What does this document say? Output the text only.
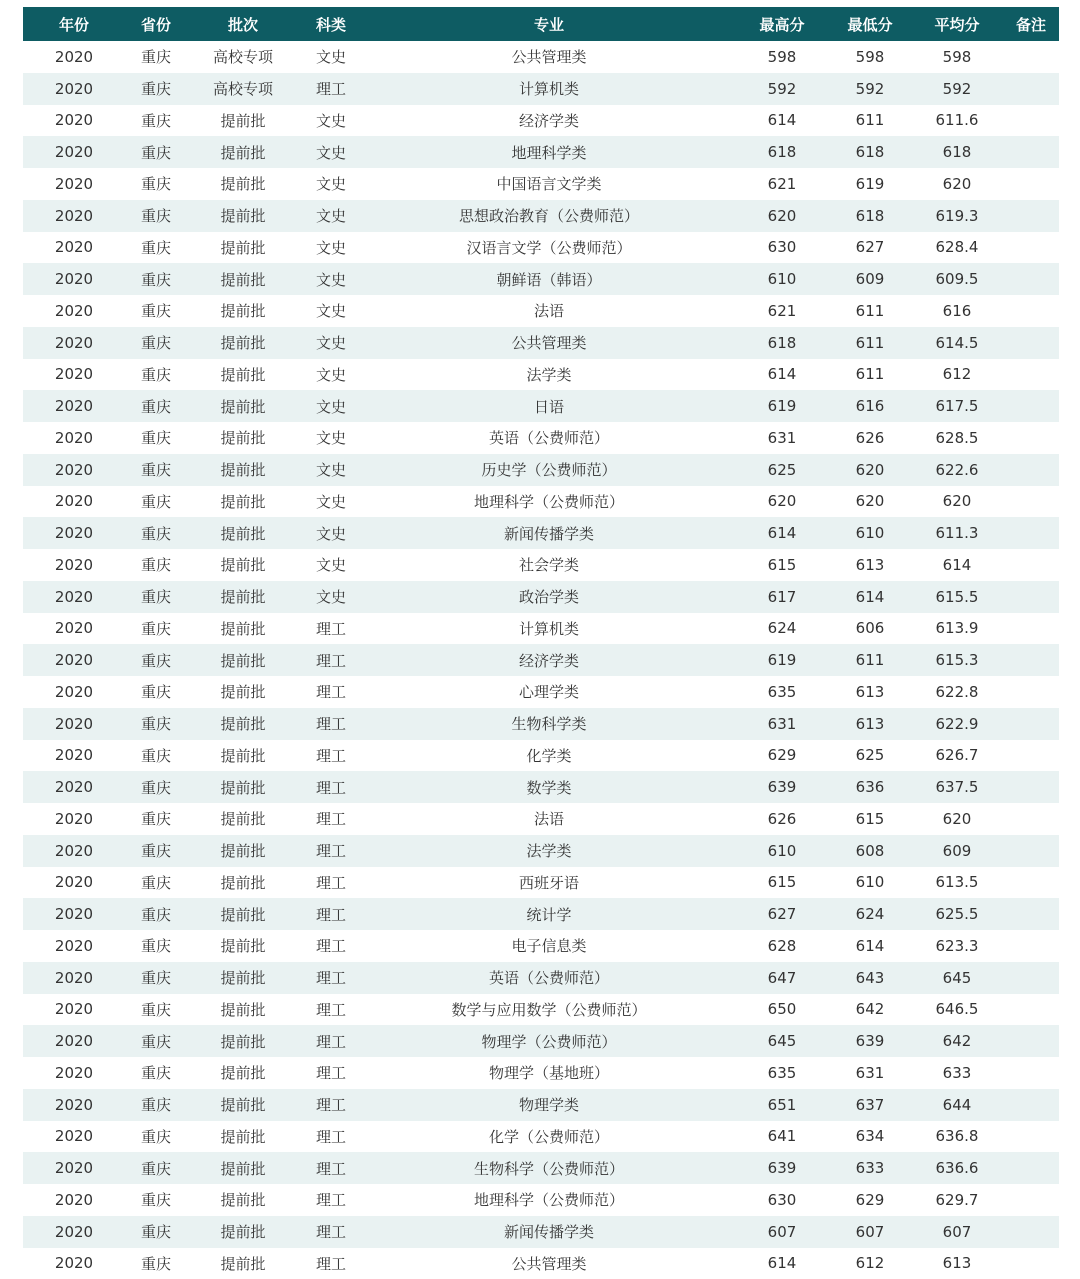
年份	省份	批次	科类	专业	最高分	最低分	平均分	备注
2020	重庆	高校专项	文史	公共管理类	598	598	598	
2020	重庆	高校专项	理工	计算机类	592	592	592	
2020	重庆	提前批	文史	经济学类	614	611	611.6	
2020	重庆	提前批	文史	地理科学类	618	618	618	
2020	重庆	提前批	文史	中国语言文学类	621	619	620	
2020	重庆	提前批	文史	思想政治教育（公费师范）	620	618	619.3	
2020	重庆	提前批	文史	汉语言文学（公费师范）	630	627	628.4	
2020	重庆	提前批	文史	朝鲜语（韩语）	610	609	609.5	
2020	重庆	提前批	文史	法语	621	611	616	
2020	重庆	提前批	文史	公共管理类	618	611	614.5	
2020	重庆	提前批	文史	法学类	614	611	612	
2020	重庆	提前批	文史	日语	619	616	617.5	
2020	重庆	提前批	文史	英语（公费师范）	631	626	628.5	
2020	重庆	提前批	文史	历史学（公费师范）	625	620	622.6	
2020	重庆	提前批	文史	地理科学（公费师范）	620	620	620	
2020	重庆	提前批	文史	新闻传播学类	614	610	611.3	
2020	重庆	提前批	文史	社会学类	615	613	614	
2020	重庆	提前批	文史	政治学类	617	614	615.5	
2020	重庆	提前批	理工	计算机类	624	606	613.9	
2020	重庆	提前批	理工	经济学类	619	611	615.3	
2020	重庆	提前批	理工	心理学类	635	613	622.8	
2020	重庆	提前批	理工	生物科学类	631	613	622.9	
2020	重庆	提前批	理工	化学类	629	625	626.7	
2020	重庆	提前批	理工	数学类	639	636	637.5	
2020	重庆	提前批	理工	法语	626	615	620	
2020	重庆	提前批	理工	法学类	610	608	609	
2020	重庆	提前批	理工	西班牙语	615	610	613.5	
2020	重庆	提前批	理工	统计学	627	624	625.5	
2020	重庆	提前批	理工	电子信息类	628	614	623.3	
2020	重庆	提前批	理工	英语（公费师范）	647	643	645	
2020	重庆	提前批	理工	数学与应用数学（公费师范）	650	642	646.5	
2020	重庆	提前批	理工	物理学（公费师范）	645	639	642	
2020	重庆	提前批	理工	物理学（基地班）	635	631	633	
2020	重庆	提前批	理工	物理学类	651	637	644	
2020	重庆	提前批	理工	化学（公费师范）	641	634	636.8	
2020	重庆	提前批	理工	生物科学（公费师范）	639	633	636.6	
2020	重庆	提前批	理工	地理科学（公费师范）	630	629	629.7	
2020	重庆	提前批	理工	新闻传播学类	607	607	607	
2020	重庆	提前批	理工	公共管理类	614	612	613	
